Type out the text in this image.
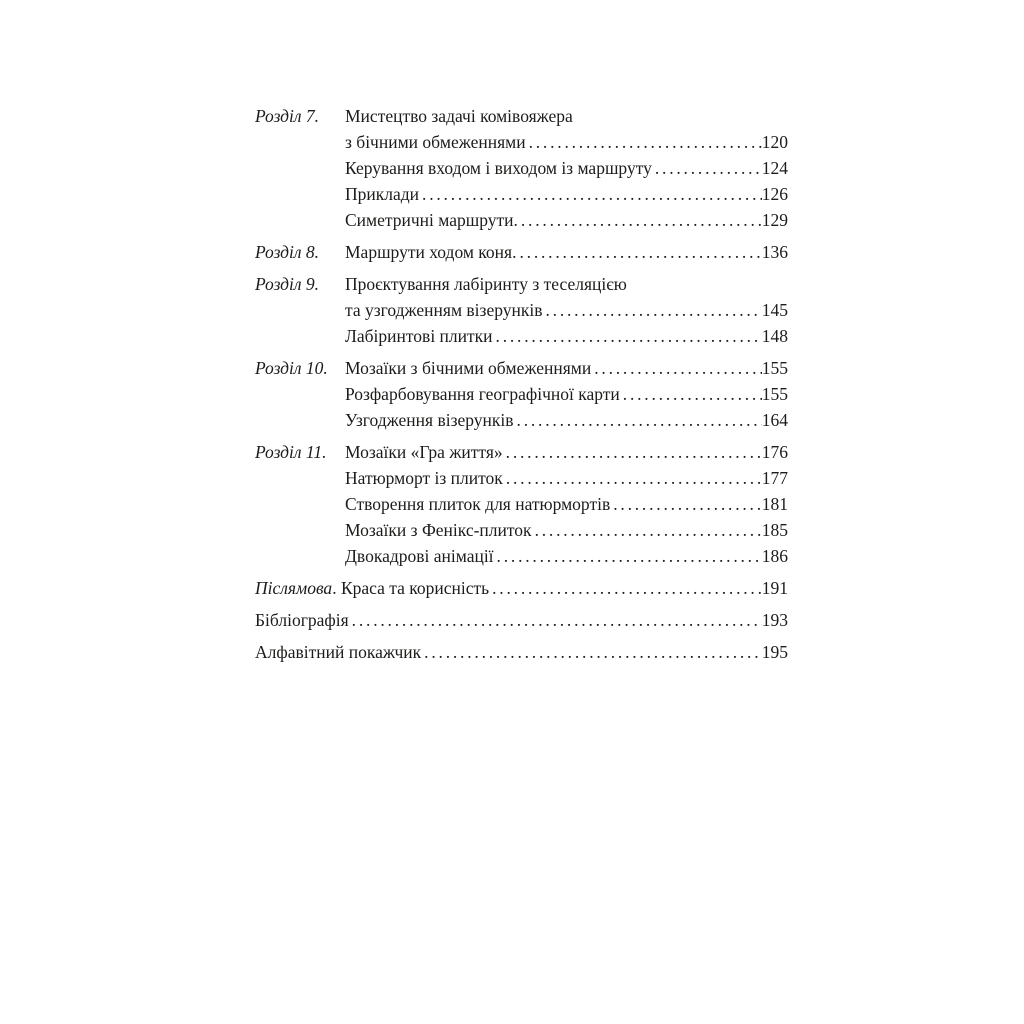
Розділ 7.	Мистецтво задачі комівояжера
з бічними обмеженнями .....	120
Керування входом і виходом із маршруту .....	124
Приклади .....	126
Симетричні маршрути. .....	129
Розділ 8.	Маршрути ходом коня. .....	136
Розділ 9.	Проєктування лабіринту з теселяцією
та узгодженням візерунків .....	145
Лабіринтові плитки .....	148
Розділ 10. Мозаїки з бічними обмеженнями .....	155
Розфарбовування географічної карти .....	155
Узгодження візерунків .....	164
Розділ 11.	Мозаїки «Гра життя» .....	176
Натюрморт із плиток .....	177
Створення плиток для натюрмортів .....	181
Мозаїки з Фенікс-плиток .....	185
Двокадрові анімації .....	186
Післямова . Краса та корисність .....	191
Бібліографія .....	193
Алфавітний покажчик .....	195
